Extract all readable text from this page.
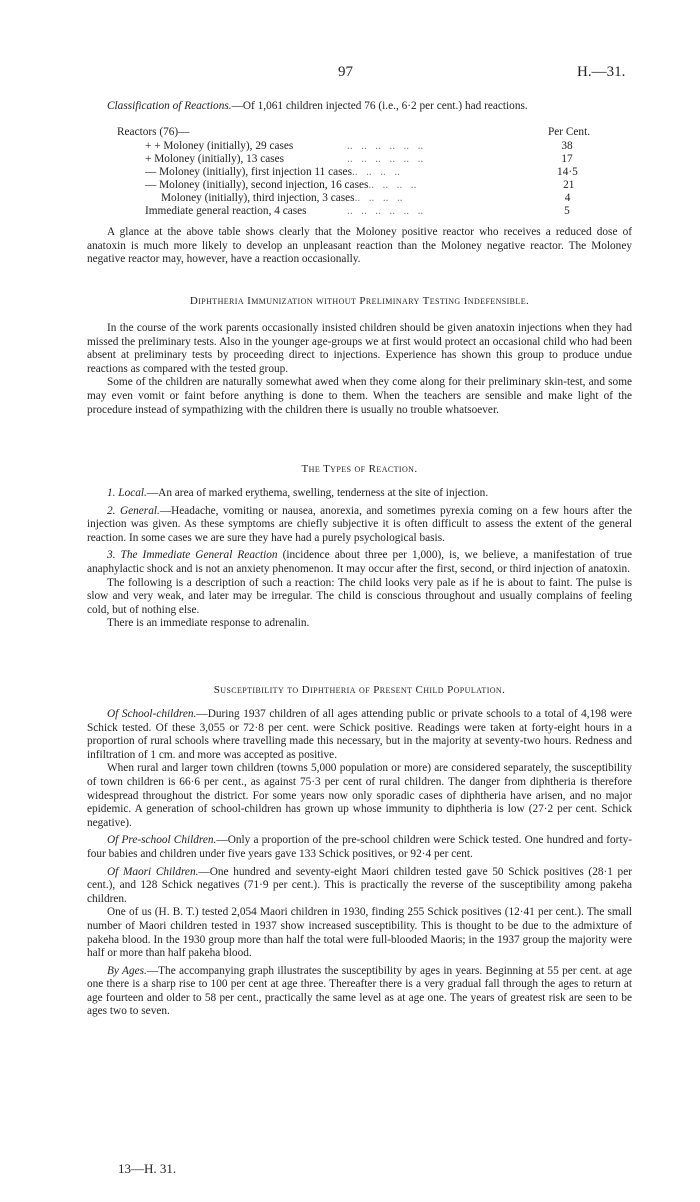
97	H.—31.
Classification of Reactions.—Of 1,061 children injected 76 (i.e., 6·2 per cent.) had reactions.
Reactors (76)—	Per Cent.
+ + Moloney (initially), 29 cases	..   ..   ..   ..   ..   ..	38
+ Moloney (initially), 13 cases	..   ..   ..   ..   ..   ..	17
— Moloney (initially), first injection 11 cases ..   ..   ..   ..	14·5
— Moloney (initially), second injection, 16 cases ..   ..   ..   ..	21
Moloney (initially), third injection, 3 cases ..   ..   ..   ..	4
Immediate general reaction, 4 cases	..   ..   ..   ..   ..   ..	5
A glance at the above table shows clearly that the Moloney positive reactor who receives a reduced dose of anatoxin is much more likely to develop an unpleasant reaction than the Moloney negative reactor. The Moloney negative reactor may, however, have a reaction occasionally.
Diphtheria Immunization without Preliminary Testing Indefensible.

In the course of the work parents occasionally insisted children should be given anatoxin injections when they had missed the preliminary tests. Also in the younger age-groups we at first would protect an occasional child who had been absent at preliminary tests by proceeding direct to injections. Experience has shown this group to produce undue reactions as compared with the tested group.

Some of the children are naturally somewhat awed when they come along for their preliminary skin-test, and some may even vomit or faint before anything is done to them. When the teachers are sensible and make light of the procedure instead of sympathizing with the children there is usually no trouble whatsoever.

The Types of Reaction.

1. Local.—An area of marked erythema, swelling, tenderness at the site of injection.

2. General.—Headache, vomiting or nausea, anorexia, and sometimes pyrexia coming on a few hours after the injection was given. As these symptoms are chiefly subjective it is often difficult to assess the extent of the general reaction. In some cases we are sure they have had a purely psychological basis.

3. The Immediate General Reaction (incidence about three per 1,000), is, we believe, a manifestation of true anaphylactic shock and is not an anxiety phenomenon. It may occur after the first, second, or third injection of anatoxin.

The following is a description of such a reaction: The child looks very pale as if he is about to faint. The pulse is slow and very weak, and later may be irregular. The child is conscious throughout and usually complains of feeling cold, but of nothing else.

There is an immediate response to adrenalin.

Susceptibility to Diphtheria of Present Child Population.

Of School-children.—During 1937 children of all ages attending public or private schools to a total of 4,198 were Schick tested. Of these 3,055 or 72·8 per cent. were Schick positive. Readings were taken at forty-eight hours in a proportion of rural schools where travelling made this necessary, but in the majority at seventy-two hours. Redness and infiltration of 1 cm. and more was accepted as positive.

When rural and larger town children (towns 5,000 population or more) are considered separately, the susceptibility of town children is 66·6 per cent., as against 75·3 per cent of rural children. The danger from diphtheria is therefore widespread throughout the district. For some years now only sporadic cases of diphtheria have arisen, and no major epidemic. A generation of school-children has grown up whose immunity to diphtheria is low (27·2 per cent. Schick negative).

Of Pre-school Children.—Only a proportion of the pre-school children were Schick tested. One hundred and forty-four babies and children under five years gave 133 Schick positives, or 92·4 per cent.

Of Maori Children.—One hundred and seventy-eight Maori children tested gave 50 Schick positives (28·1 per cent.), and 128 Schick negatives (71·9 per cent.). This is practically the reverse of the susceptibility among pakeha children.

One of us (H. B. T.) tested 2,054 Maori children in 1930, finding 255 Schick positives (12·41 per cent.). The small number of Maori children tested in 1937 show increased susceptibility. This is thought to be due to the admixture of pakeha blood. In the 1930 group more than half the total were full-blooded Maoris; in the 1937 group the majority were half or more than half pakeha blood.

By Ages.—The accompanying graph illustrates the susceptibility by ages in years. Beginning at 55 per cent. at age one there is a sharp rise to 100 per cent at age three. Thereafter there is a very gradual fall through the ages to return at age fourteen and older to 58 per cent., practically the same level as at age one. The years of greatest risk are seen to be ages two to seven.

13—H. 31.
